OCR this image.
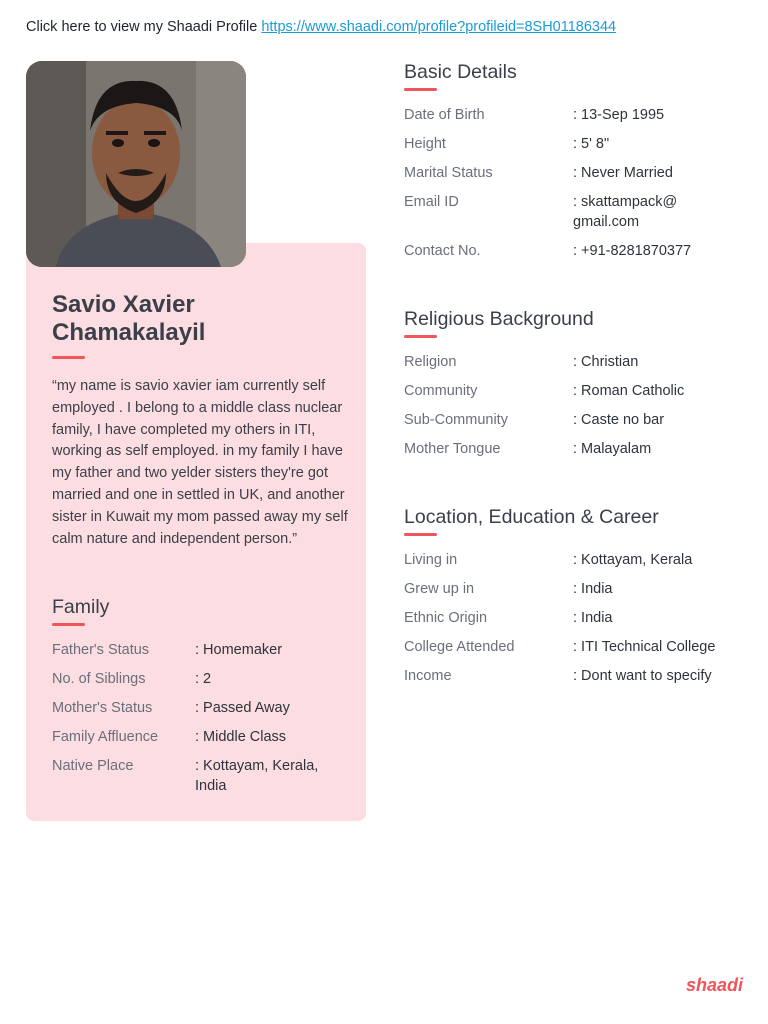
Click here to view my Shaadi Profile https://www.shaadi.com/profile?profileid=8SH01186344
Savio Xavier
Chamakalayil
“my name is savio xavier iam currently self employed . I belong to a middle class nuclear family, I have completed my others in ITI, working as self employed. in my family I have my father and two yelder sisters they're got married and one in settled in UK, and another sister in Kuwait my mom passed away my self calm nature and independent person.”
Family
Father's Status	: Homemaker
No. of Siblings	: 2
Mother's Status	: Passed Away
Family Affluence	: Middle Class
Native Place	: Kottayam, Kerala, India
Basic Details
Date of Birth	: 13-Sep 1995
Height	: 5' 8"
Marital Status	: Never Married
Email ID	: skattampack@ gmail.com
Contact No.	: +91-8281870377
Religious Background
Religion	: Christian
Community	: Roman Catholic
Sub-Community	: Caste no bar
Mother Tongue	: Malayalam
Location, Education & Career
Living in	: Kottayam, Kerala
Grew up in	: India
Ethnic Origin	: India
College Attended	: ITI Technical College
Income	: Dont want to specify
shaadi
